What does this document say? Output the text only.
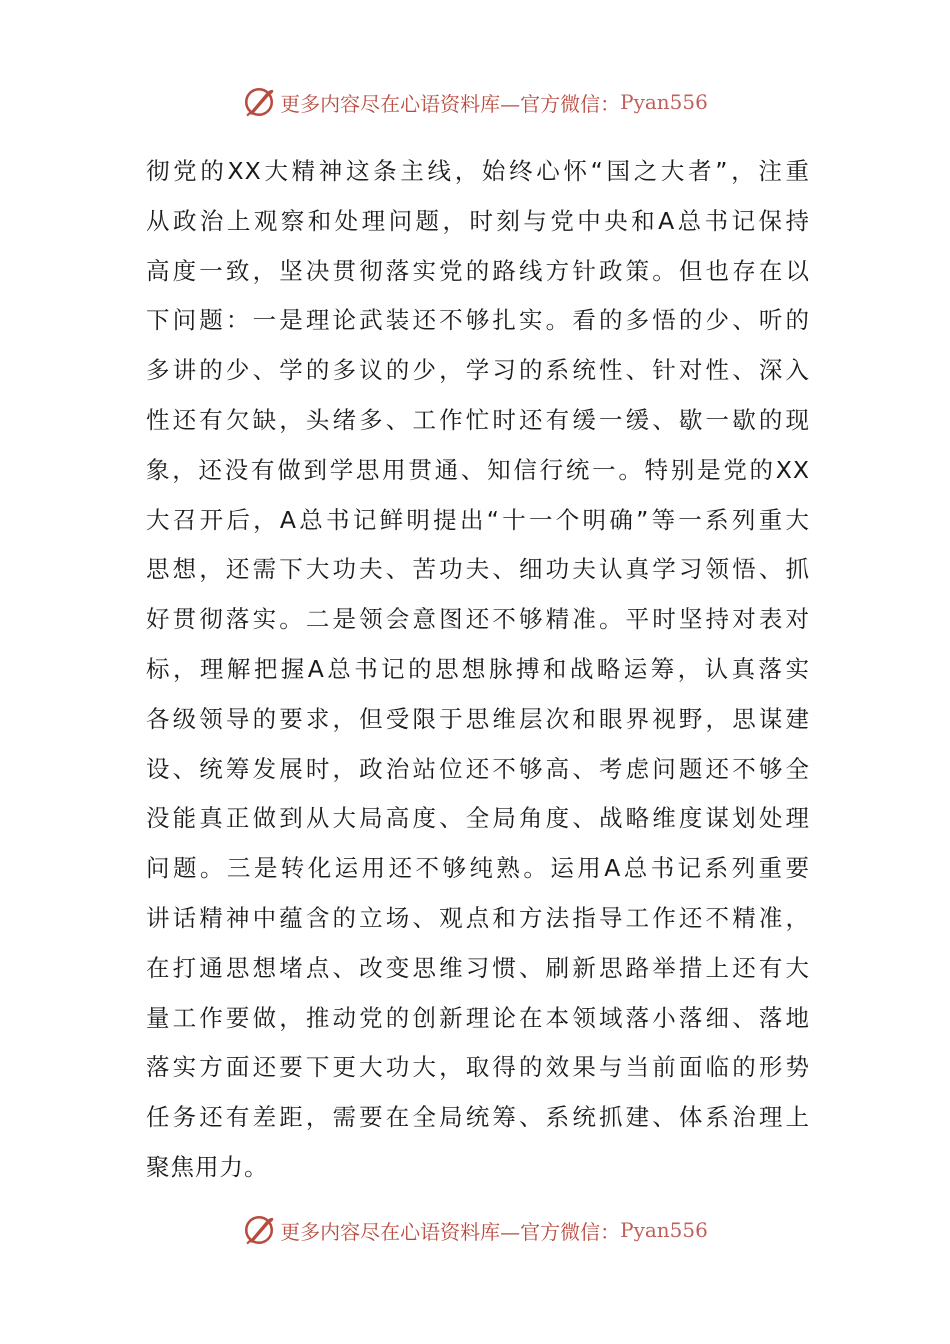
更多内容尽在心语资料库— 官方微信： Pyan556
彻党的XX大精神这条主线，始终心怀“国之大者”，注重
从政治上观察和处理问题，时刻与党中央和A总书记保持
高度一致，坚决贯彻落实党的路线方针政策。但也存在以
下问题：一是理论武装还不够扎实。看的多悟的少、听的
多讲的少、学的多议的少，学习的系统性、针对性、深入
性还有欠缺，头绪多、工作忙时还有缓一缓、歇一歇的现
象，还没有做到学思用贯通、知信行统一。特别是党的XX
大召开后，A总书记鲜明提出“十一个明确”等一系列重大
思想，还需下大功夫、苦功夫、细功夫认真学习领悟、抓
好贯彻落实。二是领会意图还不够精准。平时坚持对表对
标，理解把握A总书记的思想脉搏和战略运筹，认真落实
各级领导的要求，但受限于思维层次和眼界视野，思谋建
设、统筹发展时，政治站位还不够高、考虑问题还不够全
没能真正做到从大局高度、全局角度、战略维度谋划处理
问题。三是转化运用还不够纯熟。运用A总书记系列重要
讲话精神中蕴含的立场、观点和方法指导工作还不精准，
在打通思想堵点、改变思维习惯、刷新思路举措上还有大
量工作要做，推动党的创新理论在本领域落小落细、落地
落实方面还要下更大功大，取得的效果与当前面临的形势
任务还有差距，需要在全局统筹、系统抓建、体系治理上
聚焦用力。
更多内容尽在心语资料库— 官方微信： Pyan556
